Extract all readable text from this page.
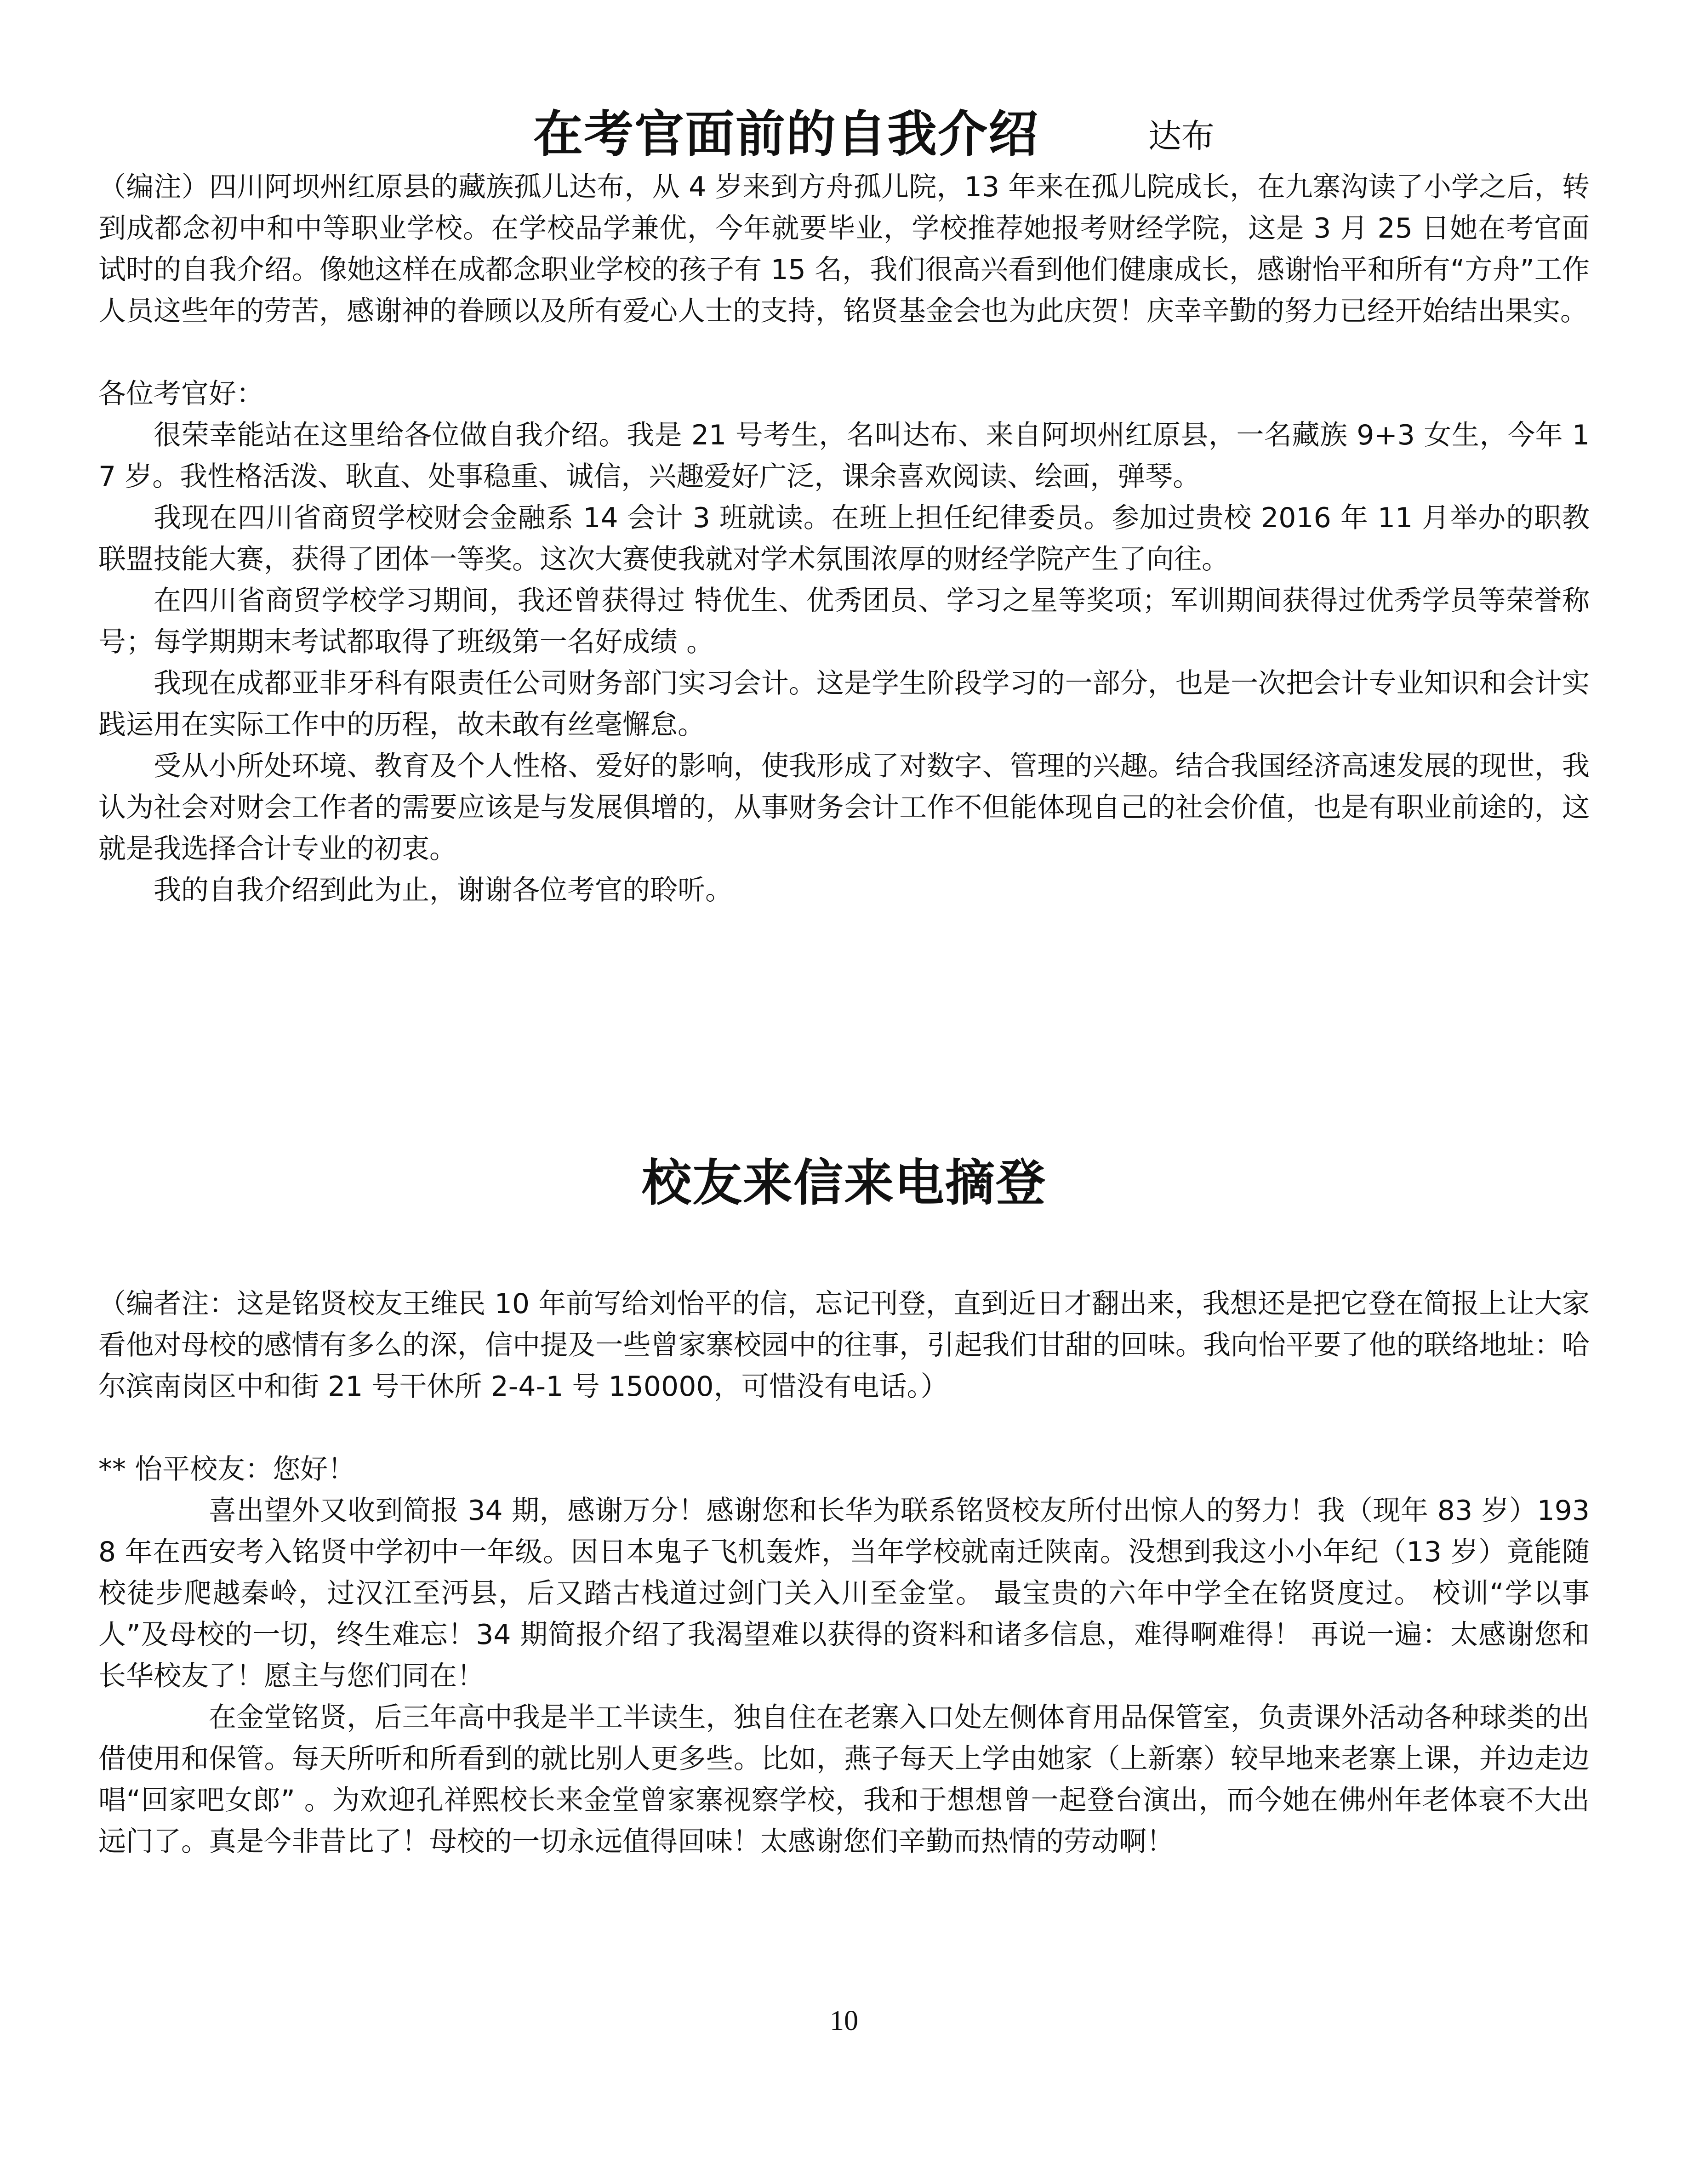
在考官面前的自我介绍	达布

（编注）四川阿坝州红原县的藏族孤儿达布，从 4 岁来到方舟孤儿院，13 年来在孤儿院成长，在九寨沟读了小学之后，转到成都念初中和中等职业学校。在学校品学兼优，今年就要毕业，学校推荐她报考财经学院，这是 3 月 25 日她在考官面试时的自我介绍。像她这样在成都念职业学校的孩子有 15 名，我们很高兴看到他们健康成长，感谢怡平和所有“方舟”工作人员这些年的劳苦，感谢神的眷顾以及所有爱心人士的支持，铭贤基金会也为此庆贺！庆幸辛勤的努力已经开始结出果实。

各位考官好：

很荣幸能站在这里给各位做自我介绍。我是 21 号考生，名叫达布、来自阿坝州红原县，一名藏族 9+3 女生，今年 17 岁。我性格活泼、耿直、处事稳重、诚信，兴趣爱好广泛，课余喜欢阅读、绘画，弹琴。

我现在四川省商贸学校财会金融系 14 会计 3 班就读。在班上担任纪律委员。参加过贵校 2016 年 11 月举办的职教联盟技能大赛，获得了团体一等奖。这次大赛使我就对学术氛围浓厚的财经学院产生了向往。

在四川省商贸学校学习期间，我还曾获得过 特优生、优秀团员、学习之星等奖项；军训期间获得过优秀学员等荣誉称号；每学期期末考试都取得了班级第一名好成绩 。

我现在成都亚非牙科有限责任公司财务部门实习会计。这是学生阶段学习的一部分，也是一次把会计专业知识和会计实践运用在实际工作中的历程，故未敢有丝毫懈怠。

受从小所处环境、教育及个人性格、爱好的影响，使我形成了对数字、管理的兴趣。结合我国经济高速发展的现世，我认为社会对财会工作者的需要应该是与发展俱增的，从事财务会计工作不但能体现自己的社会价值，也是有职业前途的，这就是我选择合计专业的初衷。

我的自我介绍到此为止，谢谢各位考官的聆听。

校友来信来电摘登

（编者注：这是铭贤校友王维民 10 年前写给刘怡平的信，忘记刊登，直到近日才翻出来，我想还是把它登在简报上让大家看他对母校的感情有多么的深，信中提及一些曾家寨校园中的往事，引起我们甘甜的回味。我向怡平要了他的联络地址：哈尔滨南岗区中和街 21 号干休所 2-4-1 号 150000，可惜没有电话。）

** 怡平校友：您好！

喜出望外又收到简报 34 期，感谢万分！感谢您和长华为联系铭贤校友所付出惊人的努力！我（现年 83 岁）1938 年在西安考入铭贤中学初中一年级。因日本鬼子飞机轰炸，当年学校就南迁陕南。没想到我这小小年纪（13 岁）竟能随校徒步爬越秦岭，过汉江至沔县，后又踏古栈道过剑门关入川至金堂。 最宝贵的六年中学全在铭贤度过。 校训“学以事人”及母校的一切，终生难忘！34 期简报介绍了我渴望难以获得的资料和诸多信息，难得啊难得！ 再说一遍：太感谢您和长华校友了！愿主与您们同在！

在金堂铭贤，后三年高中我是半工半读生，独自住在老寨入口处左侧体育用品保管室，负责课外活动各种球类的出借使用和保管。每天所听和所看到的就比别人更多些。比如，燕子每天上学由她家（上新寨）较早地来老寨上课，并边走边唱“回家吧女郎” 。为欢迎孔祥熙校长来金堂曾家寨视察学校，我和于想想曾一起登台演出，而今她在佛州年老体衰不大出远门了。真是今非昔比了！母校的一切永远值得回味！太感谢您们辛勤而热情的劳动啊！

10
